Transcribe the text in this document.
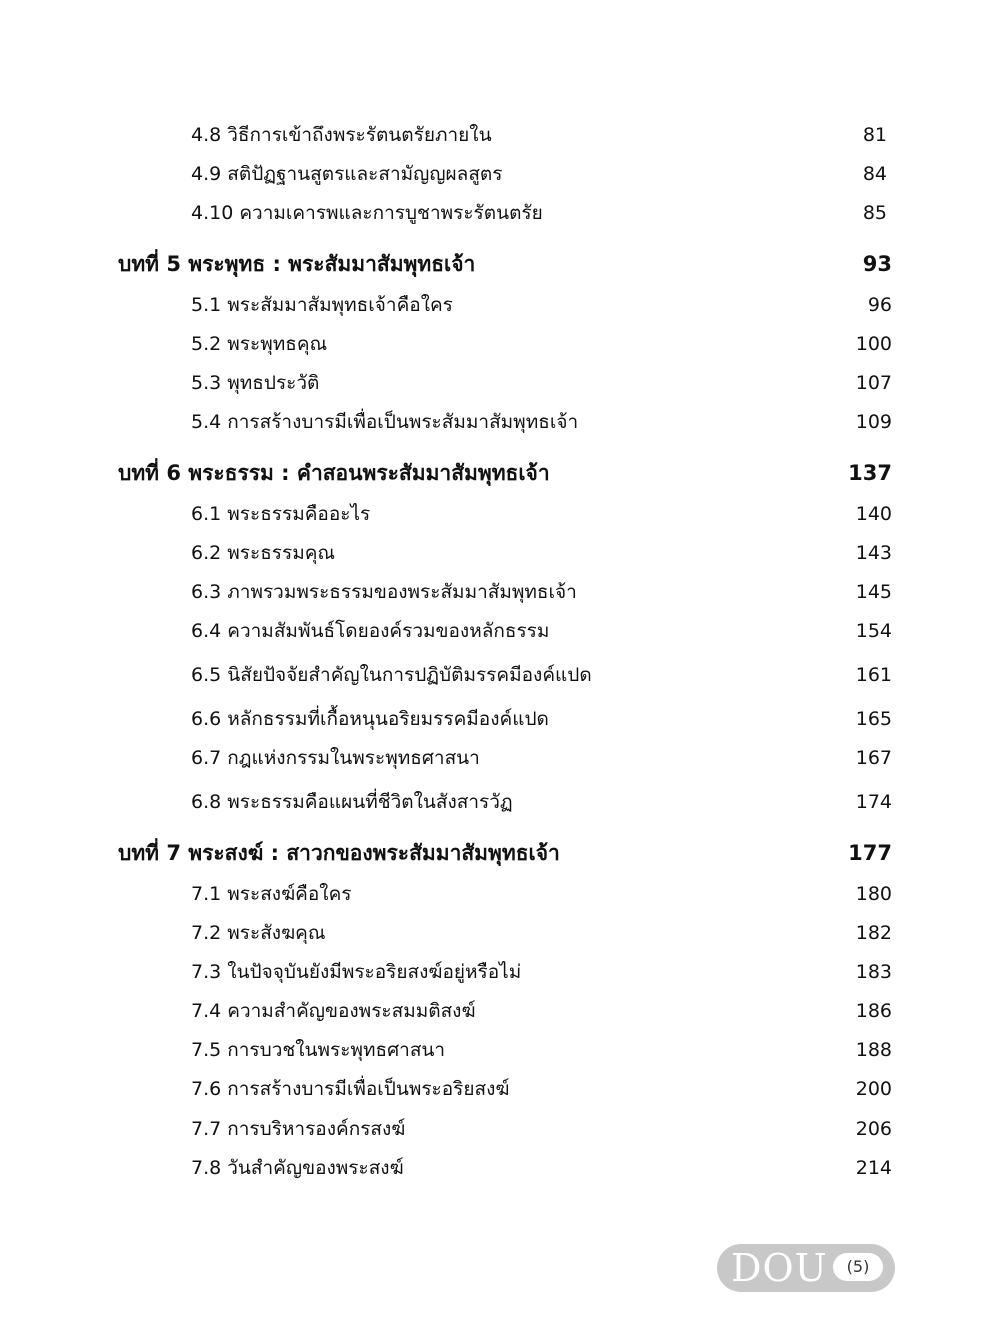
4.8 วิธีการเข้าถึงพระรัตนตรัยภายใน	81
4.9 สติปัฏฐานสูตรและสามัญญผลสูตร	84
4.10 ความเคารพและการบูชาพระรัตนตรัย	85
บทที่ 5 พระพุทธ : พระสัมมาสัมพุทธเจ้า	93
5.1 พระสัมมาสัมพุทธเจ้าคือใคร	96
5.2 พระพุทธคุณ	100
5.3 พุทธประวัติ	107
5.4 การสร้างบารมีเพื่อเป็นพระสัมมาสัมพุทธเจ้า	109
บทที่ 6 พระธรรม : คำสอนพระสัมมาสัมพุทธเจ้า	137
6.1 พระธรรมคืออะไร	140
6.2 พระธรรมคุณ	143
6.3 ภาพรวมพระธรรมของพระสัมมาสัมพุทธเจ้า	145
6.4 ความสัมพันธ์โดยองค์รวมของหลักธรรม	154
6.5 นิสัยปัจจัยสำคัญในการปฏิบัติมรรคมีองค์แปด	161
6.6 หลักธรรมที่เกื้อหนุนอริยมรรคมีองค์แปด	165
6.7 กฎแห่งกรรมในพระพุทธศาสนา	167
6.8 พระธรรมคือแผนที่ชีวิตในสังสารวัฏ	174
บทที่ 7 พระสงฆ์ : สาวกของพระสัมมาสัมพุทธเจ้า	177
7.1 พระสงฆ์คือใคร	180
7.2 พระสังฆคุณ	182
7.3 ในปัจจุบันยังมีพระอริยสงฆ์อยู่หรือไม่	183
7.4 ความสำคัญของพระสมมติสงฆ์	186
7.5 การบวชในพระพุทธศาสนา	188
7.6 การสร้างบารมีเพื่อเป็นพระอริยสงฆ์	200
7.7 การบริหารองค์กรสงฆ์	206
7.8 วันสำคัญของพระสงฆ์	214
DOU	(5)
